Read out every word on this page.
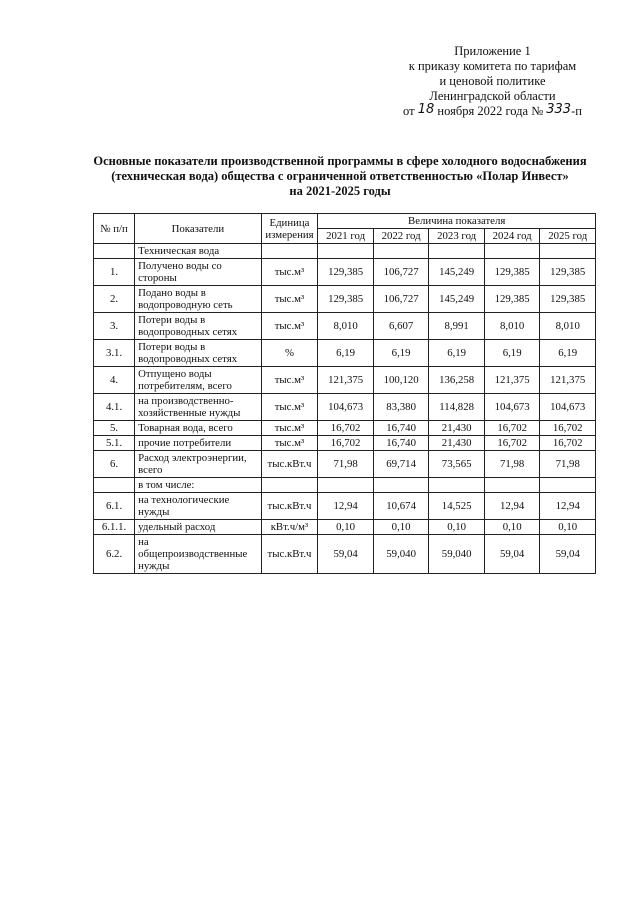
Приложение 1
к приказу комитета по тарифам
и ценовой политике
Ленинградской области
от 18 ноября 2022 года № 333-п
Основные показатели производственной программы в сфере холодного водоснабжения
(техническая вода) обществa с ограниченной ответственностью «Полар Инвест»
на 2021-2025 годы
№ п/п	Показатели	Единица измерения	Величина показателя				
			2021 год	2022 год	2023 год	2024 год	2025 год
	Техническая вода						
1.	Получено воды со стороны	тыс.м³	129,385	106,727	145,249	129,385	129,385
2.	Подано воды в водопроводную сеть	тыс.м³	129,385	106,727	145,249	129,385	129,385
3.	Потери воды в водопроводных сетях	тыс.м³	8,010	6,607	8,991	8,010	8,010
3.1.	Потери воды в водопроводных сетях	%	6,19	6,19	6,19	6,19	6,19
4.	Отпущено воды потребителям, всего	тыс.м³	121,375	100,120	136,258	121,375	121,375
4.1.	на производственно-хозяйственные нужды	тыс.м³	104,673	83,380	114,828	104,673	104,673
5.	Товарная вода, всего	тыс.м³	16,702	16,740	21,430	16,702	16,702
5.1.	прочие потребители	тыс.м³	16,702	16,740	21,430	16,702	16,702
6.	Расход электроэнергии, всего	тыс.кВт.ч	71,98	69,714	73,565	71,98	71,98
	в том числе:						
6.1.	на технологические нужды	тыс.кВт.ч	12,94	10,674	14,525	12,94	12,94
6.1.1.	удельный расход	кВт.ч/м³	0,10	0,10	0,10	0,10	0,10
6.2.	на общепроизводственные нужды	тыс.кВт.ч	59,04	59,040	59,040	59,04	59,04
